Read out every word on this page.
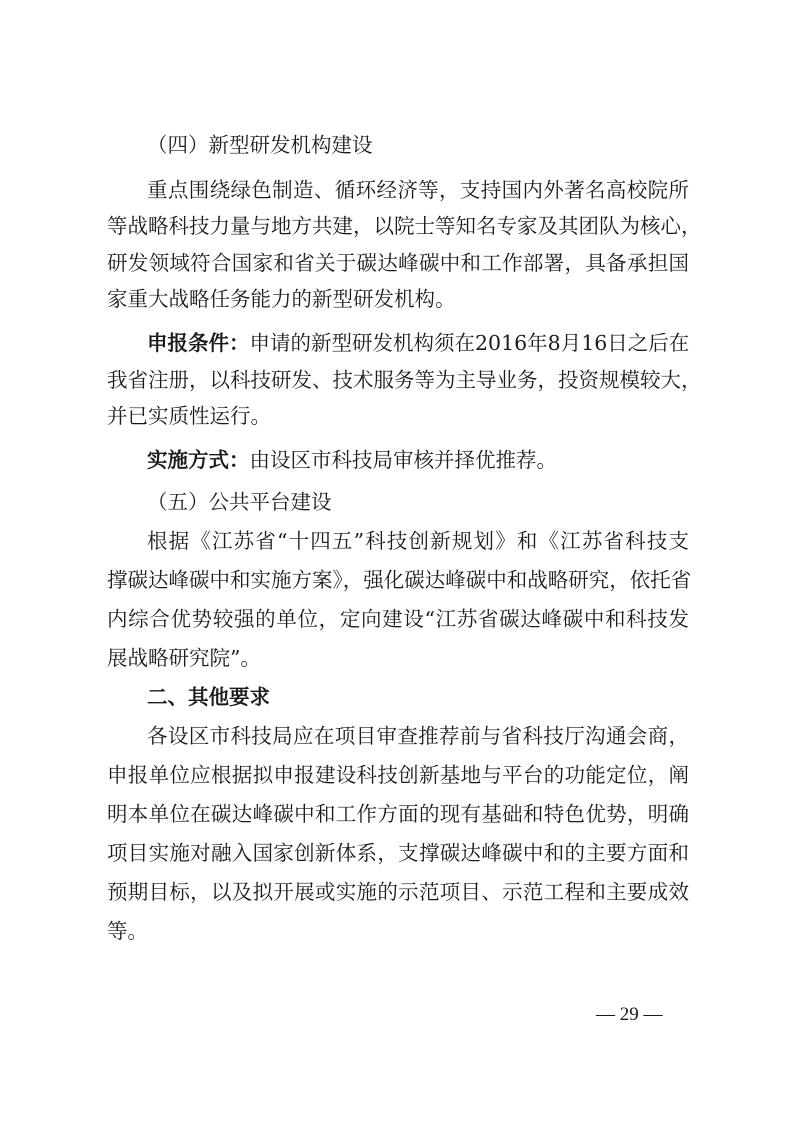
（四）新型研发机构建设
重点围绕绿色制造、循环经济等，支持国内外著名高校院所
等战略科技力量与地方共建，以院士等知名专家及其团队为核心，
研发领域符合国家和省关于碳达峰碳中和工作部署，具备承担国
家重大战略任务能力的新型研发机构。
申报条件：申请的新型研发机构须在2016年8月16日之后在
我省注册，以科技研发、技术服务等为主导业务，投资规模较大，
并已实质性运行。
实施方式：由设区市科技局审核并择优推荐。
（五）公共平台建设
根据《江苏省“十四五”科技创新规划》和《江苏省科技支
撑碳达峰碳中和实施方案》，强化碳达峰碳中和战略研究，依托省
内综合优势较强的单位，定向建设“江苏省碳达峰碳中和科技发
展战略研究院”。
二、其他要求
各设区市科技局应在项目审查推荐前与省科技厅沟通会商，
申报单位应根据拟申报建设科技创新基地与平台的功能定位，阐
明本单位在碳达峰碳中和工作方面的现有基础和特色优势，明确
项目实施对融入国家创新体系，支撑碳达峰碳中和的主要方面和
预期目标，以及拟开展或实施的示范项目、示范工程和主要成效
等。
— 29 —
